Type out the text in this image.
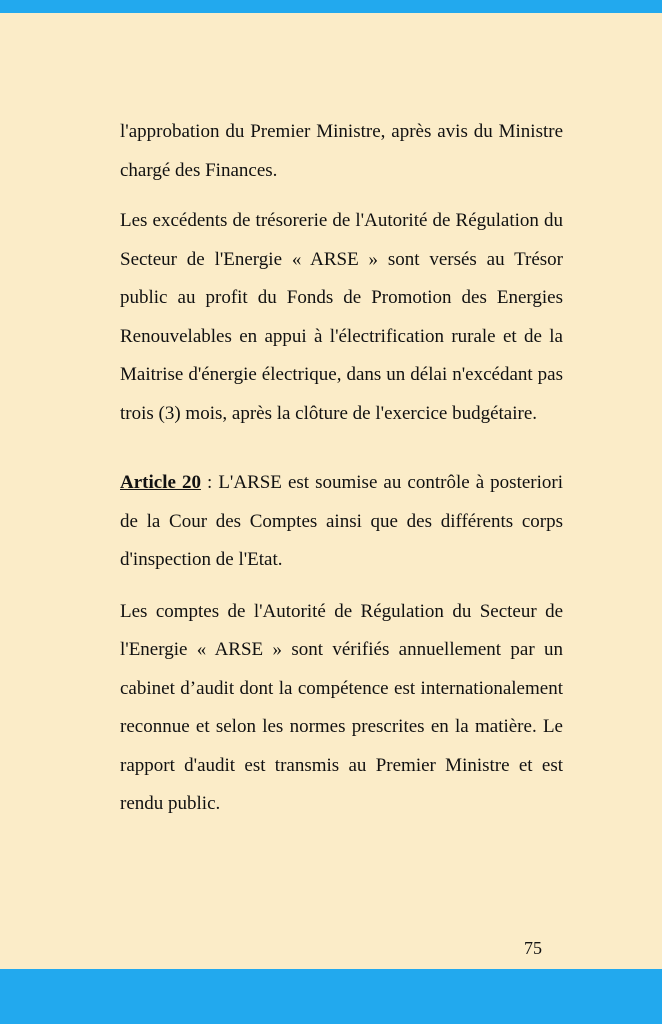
l'approbation du Premier Ministre, après avis du Ministre chargé des Finances.

Les excédents de trésorerie de l'Autorité de Régulation du Secteur de l'Energie « ARSE » sont versés au Trésor public au profit du Fonds de Promotion des Energies Renouvelables en appui à l'électrification rurale et de la Maitrise d'énergie électrique, dans un délai n'excédant pas trois (3) mois, après la clôture de l'exercice budgétaire.

Article 20 : L'ARSE est soumise au contrôle à posteriori de la Cour des Comptes ainsi que des différents corps d'inspection de l'Etat.

Les comptes de l'Autorité de Régulation du Secteur de l'Energie « ARSE » sont vérifiés annuellement par un cabinet d’audit dont la compétence est internationalement reconnue et selon les normes prescrites en la matière. Le rapport d'audit est transmis au Premier Ministre et est rendu public.

75
